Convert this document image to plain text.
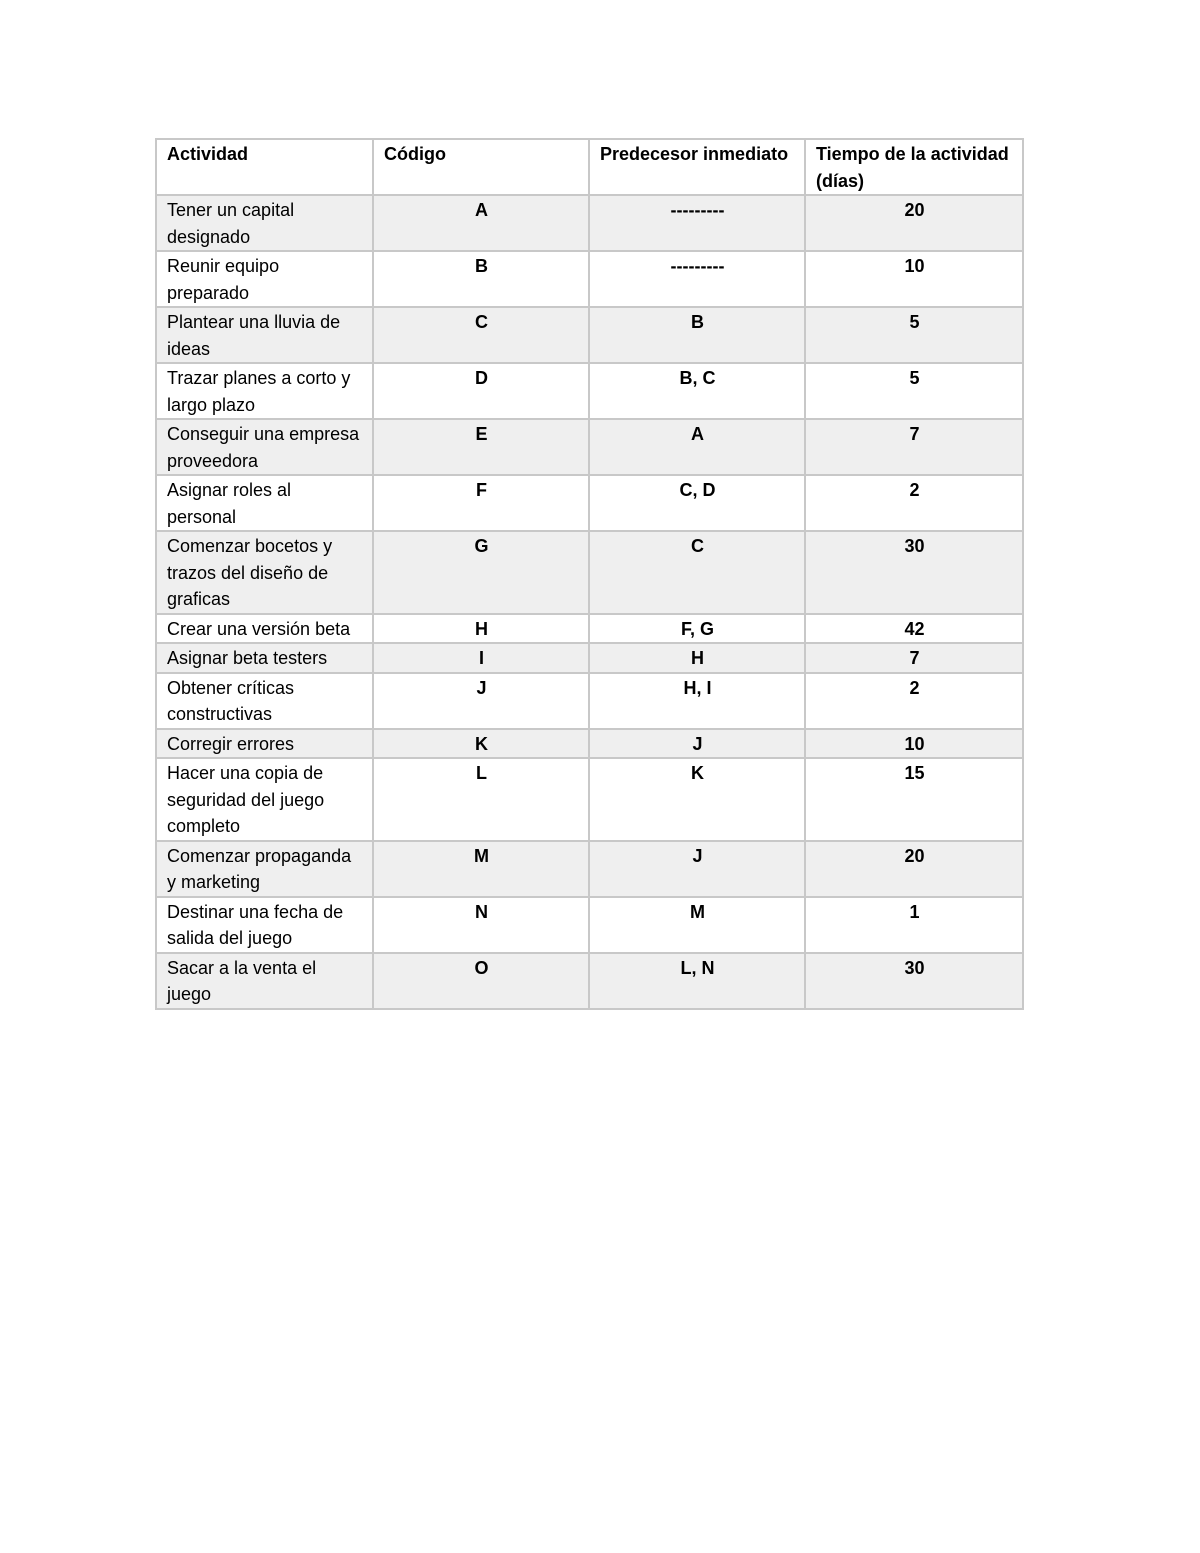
Actividad	Código	Predecesor inmediato	Tiempo de la actividad (días)
Tener un capital designado	A	---------	20
Reunir equipo preparado	B	---------	10
Plantear una lluvia de ideas	C	B	5
Trazar planes a corto y largo plazo	D	B, C	5
Conseguir una empresa proveedora	E	A	7
Asignar roles al personal	F	C, D	2
Comenzar bocetos y trazos del diseño de graficas	G	C	30
Crear una versión beta	H	F, G	42
Asignar beta testers	I	H	7
Obtener críticas constructivas	J	H, I	2
Corregir errores	K	J	10
Hacer una copia de seguridad del juego completo	L	K	15
Comenzar propaganda y marketing	M	J	20
Destinar una fecha de salida del juego	N	M	1
Sacar a la venta el juego	O	L, N	30
